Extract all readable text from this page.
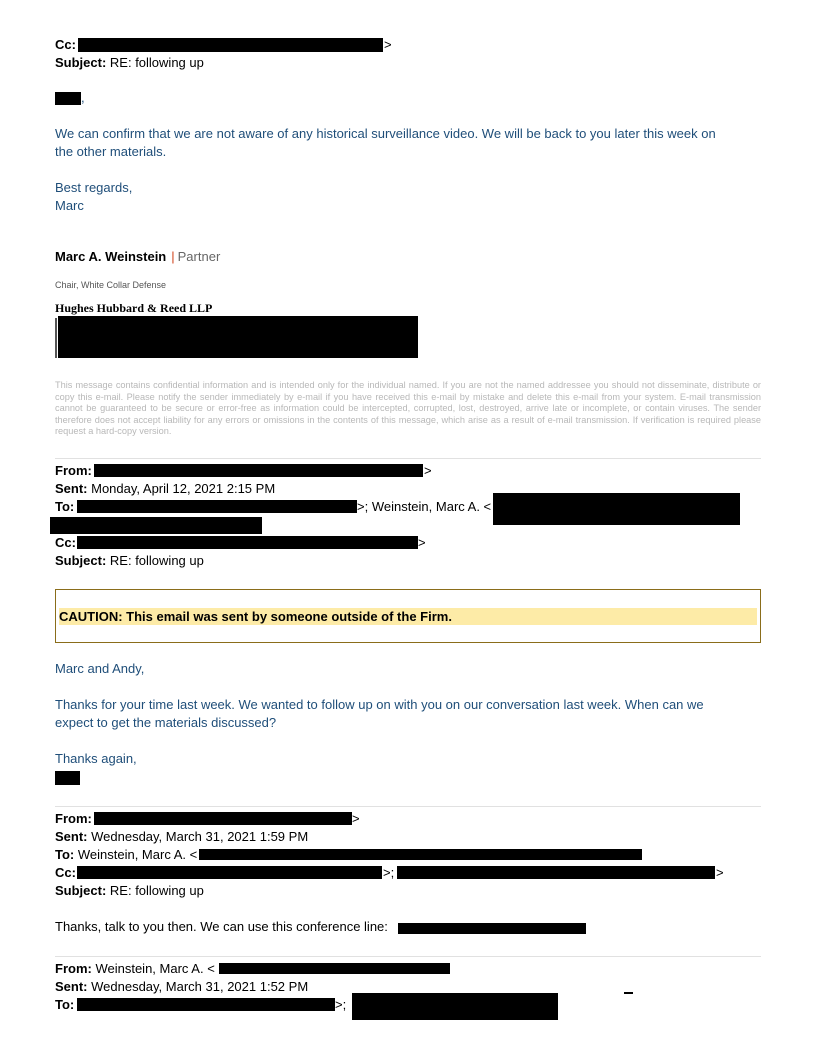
Cc:	>
Subject: RE: following up
,
We can confirm that we are not aware of any historical surveillance video. We will be back to you later this week on
the other materials.
Best regards,
Marc
Marc A. Weinstein | Partner
Chair, White Collar Defense
Hughes Hubbard & Reed LLP
This message contains confidential information and is intended only for the individual named. If you are not the named addressee you should not disseminate, distribute or copy this e-mail. Please notify the sender immediately by e-mail if you have received this e-mail by mistake and delete this e-mail from your system. E-mail transmission cannot be guaranteed to be secure or error-free as information could be intercepted, corrupted, lost, destroyed, arrive late or incomplete, or contain viruses. The sender therefore does not accept liability for any errors or omissions in the contents of this message, which arise as a result of e-mail transmission. If verification is required please request a hard-copy version.
From:	>
Sent: Monday, April 12, 2021 2:15 PM
To:	>; Weinstein, Marc A. <
Cc:	>
Subject: RE: following up
CAUTION: This email was sent by someone outside of the Firm.
Marc and Andy,
Thanks for your time last week. We wanted to follow up on with you on our conversation last week. When can we
expect to get the materials discussed?
Thanks again,
From:	>
Sent: Wednesday, March 31, 2021 1:59 PM
To: Weinstein, Marc A. <
Cc:	>;	>
Subject: RE: following up
Thanks, talk to you then. We can use this conference line:
From: Weinstein, Marc A. <
Sent: Wednesday, March 31, 2021 1:52 PM
To:	>;
